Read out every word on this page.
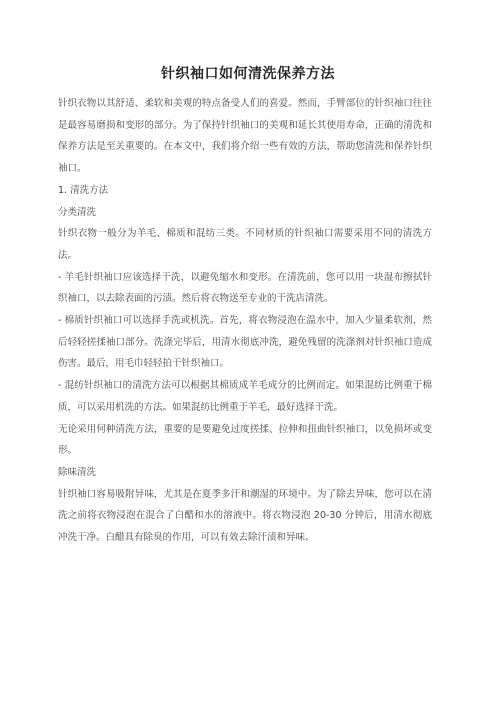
针织袖口如何清洗保养方法

针织衣物以其舒适、柔软和美观的特点备受人们的喜爱。然而，手臂部位的针织袖口往往是最容易磨损和变形的部分。为了保持针织袖口的美观和延长其使用寿命，正确的清洗和保养方法是至关重要的。在本文中，我们将介绍一些有效的方法，帮助您清洗和保养针织袖口。

1. 清洗方法

分类清洗

针织衣物一般分为羊毛、棉质和混纺三类。不同材质的针织袖口需要采用不同的清洗方法。

- 羊毛针织袖口应该选择干洗，以避免缩水和变形。在清洗前，您可以用一块湿布擦拭针织袖口，以去除表面的污渍。然后将衣物送至专业的干洗店清洗。

- 棉质针织袖口可以选择手洗或机洗。首先，将衣物浸泡在温水中，加入少量柔软剂，然后轻轻搓揉袖口部分。洗涤完毕后，用清水彻底冲洗，避免残留的洗涤剂对针织袖口造成伤害。最后，用毛巾轻轻拍干针织袖口。

- 混纺针织袖口的清洗方法可以根据其棉质成羊毛成分的比例而定。如果混纺比例重于棉质，可以采用机洗的方法。如果混纺比例重于羊毛，最好选择干洗。

无论采用何种清洗方法，重要的是要避免过度搓揉、拉伸和扭曲针织袖口，以免损坏或变形。

除味清洗

针织袖口容易吸附异味，尤其是在夏季多汗和潮湿的环境中。为了除去异味，您可以在清洗之前将衣物浸泡在混合了白醋和水的溶液中。将衣物浸泡 20-30 分钟后，用清水彻底冲洗干净。白醋具有除臭的作用，可以有效去除汗渍和异味。
